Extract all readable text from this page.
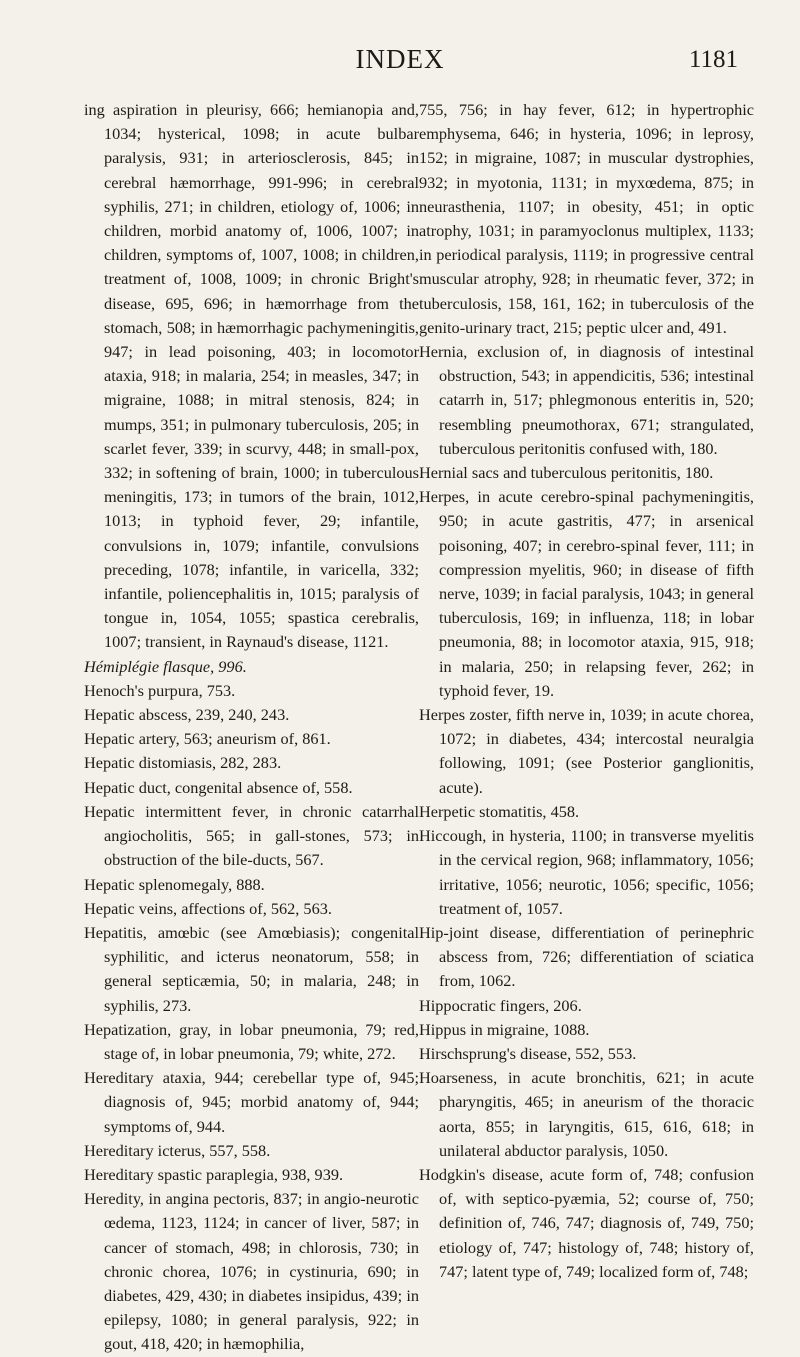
INDEX	1181

ing aspiration in pleurisy, 666; hemianopia and, 1034; hysterical, 1098; in acute bulbar paralysis, 931; in arteriosclerosis, 845; in cerebral hæmorrhage, 991-996; in cerebral syphilis, 271; in children, etiology of, 1006; in children, morbid anatomy of, 1006, 1007; in children, symptoms of, 1007, 1008; in children, treatment of, 1008, 1009; in chronic Bright's disease, 695, 696; in hæmorrhage from the stomach, 508; in hæmorrhagic pachymeningitis, 947; in lead poisoning, 403; in locomotor ataxia, 918; in malaria, 254; in measles, 347; in migraine, 1088; in mitral stenosis, 824; in mumps, 351; in pulmonary tuberculosis, 205; in scarlet fever, 339; in scurvy, 448; in small-pox, 332; in softening of brain, 1000; in tuberculous meningitis, 173; in tumors of the brain, 1012, 1013; in typhoid fever, 29; infantile, convulsions in, 1079; infantile, convulsions preceding, 1078; infantile, in varicella, 332; infantile, poliencephalitis in, 1015; paralysis of tongue in, 1054, 1055; spastica cerebralis, 1007; transient, in Raynaud's disease, 1121.

Hémiplégie flasque, 996.

Henoch's purpura, 753.

Hepatic abscess, 239, 240, 243.

Hepatic artery, 563; aneurism of, 861.

Hepatic distomiasis, 282, 283.

Hepatic duct, congenital absence of, 558.

Hepatic intermittent fever, in chronic catarrhal angiocholitis, 565; in gall-stones, 573; in obstruction of the bile-ducts, 567.

Hepatic splenomegaly, 888.

Hepatic veins, affections of, 562, 563.

Hepatitis, amœbic (see Amœbiasis); congenital syphilitic, and icterus neonatorum, 558; in general septicæmia, 50; in malaria, 248; in syphilis, 273.

Hepatization, gray, in lobar pneumonia, 79; red, stage of, in lobar pneumonia, 79; white, 272.

Hereditary ataxia, 944; cerebellar type of, 945; diagnosis of, 945; morbid anatomy of, 944; symptoms of, 944.

Hereditary icterus, 557, 558.

Hereditary spastic paraplegia, 938, 939.

Heredity, in angina pectoris, 837; in angio-neurotic œdema, 1123, 1124; in cancer of liver, 587; in cancer of stomach, 498; in chlorosis, 730; in chronic chorea, 1076; in cystinuria, 690; in diabetes, 429, 430; in diabetes insipidus, 439; in epilepsy, 1080; in general paralysis, 922; in gout, 418, 420; in hæmophilia,

755, 756; in hay fever, 612; in hypertrophic emphysema, 646; in hysteria, 1096; in leprosy, 152; in migraine, 1087; in muscular dystrophies, 932; in myotonia, 1131; in myxœdema, 875; in neurasthenia, 1107; in obesity, 451; in optic atrophy, 1031; in paramyoclonus multiplex, 1133; in periodical paralysis, 1119; in progressive central muscular atrophy, 928; in rheumatic fever, 372; in tuberculosis, 158, 161, 162; in tuberculosis of the genito-urinary tract, 215; peptic ulcer and, 491.

Hernia, exclusion of, in diagnosis of intestinal obstruction, 543; in appendicitis, 536; intestinal catarrh in, 517; phlegmonous enteritis in, 520; resembling pneumothorax, 671; strangulated, tuberculous peritonitis confused with, 180.

Hernial sacs and tuberculous peritonitis, 180.

Herpes, in acute cerebro-spinal pachymeningitis, 950; in acute gastritis, 477; in arsenical poisoning, 407; in cerebro-spinal fever, 111; in compression myelitis, 960; in disease of fifth nerve, 1039; in facial paralysis, 1043; in general tuberculosis, 169; in influenza, 118; in lobar pneumonia, 88; in locomotor ataxia, 915, 918; in malaria, 250; in relapsing fever, 262; in typhoid fever, 19.

Herpes zoster, fifth nerve in, 1039; in acute chorea, 1072; in diabetes, 434; intercostal neuralgia following, 1091; (see Posterior ganglionitis, acute).

Herpetic stomatitis, 458.

Hiccough, in hysteria, 1100; in transverse myelitis in the cervical region, 968; inflammatory, 1056; irritative, 1056; neurotic, 1056; specific, 1056; treatment of, 1057.

Hip-joint disease, differentiation of perinephric abscess from, 726; differentiation of sciatica from, 1062.

Hippocratic fingers, 206.

Hippus in migraine, 1088.

Hirschsprung's disease, 552, 553.

Hoarseness, in acute bronchitis, 621; in acute pharyngitis, 465; in aneurism of the thoracic aorta, 855; in laryngitis, 615, 616, 618; in unilateral abductor paralysis, 1050.

Hodgkin's disease, acute form of, 748; confusion of, with septico-pyæmia, 52; course of, 750; definition of, 746, 747; diagnosis of, 749, 750; etiology of, 747; histology of, 748; history of, 747; latent type of, 749; localized form of, 748;
